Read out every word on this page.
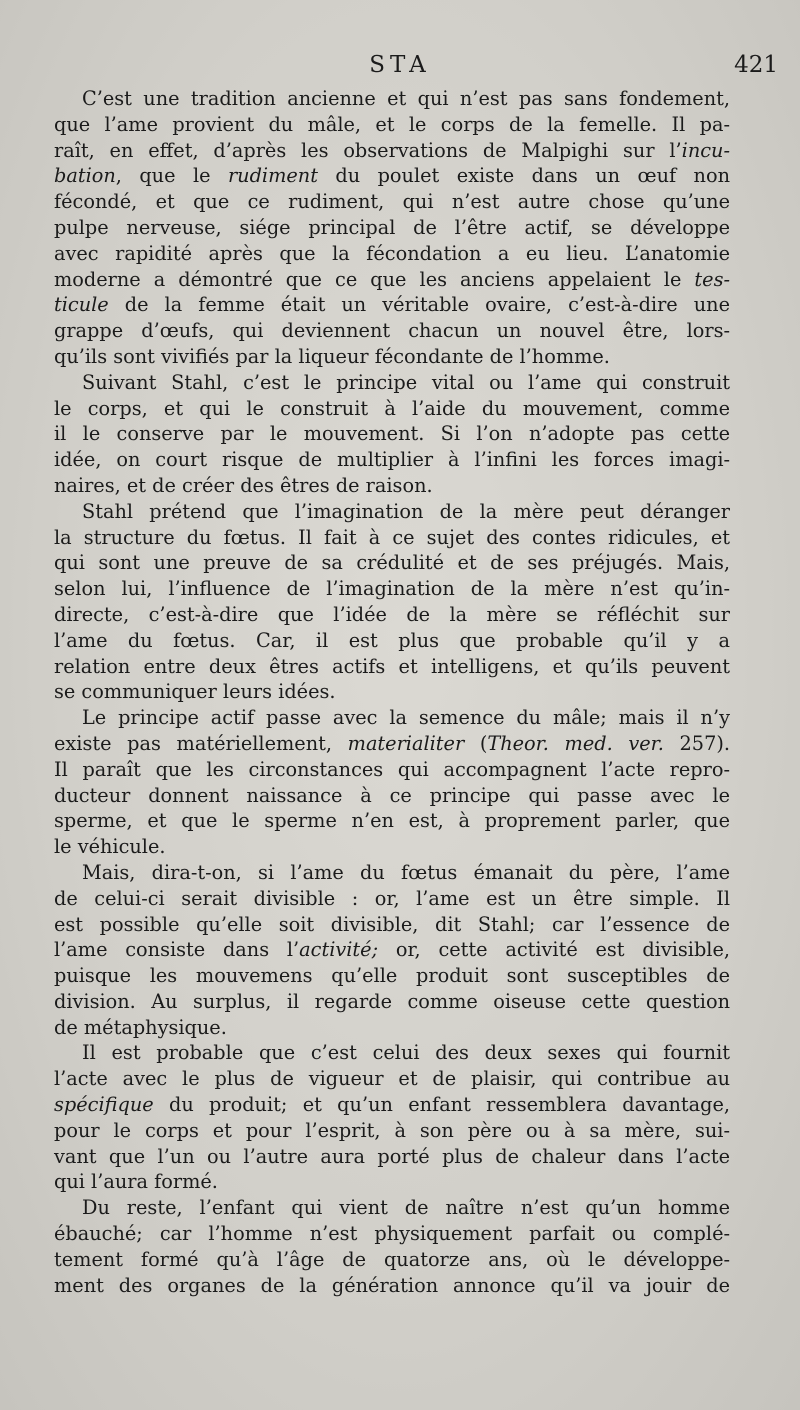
STA	421
C’est une tradition ancienne et qui n’est pas sans fondement,
que l’ame provient du mâle, et le corps de la femelle. Il pa-
raît, en effet, d’après les observations de Malpighi sur l’incu-
bation, que le rudiment du poulet existe dans un œuf non
fécondé, et que ce rudiment, qui n’est autre chose qu’une
pulpe nerveuse, siége principal de l’être actif, se développe
avec rapidité après que la fécondation a eu lieu. L’anatomie
moderne a démontré que ce que les anciens appelaient le tes-
ticule de la femme était un véritable ovaire, c’est-à-dire une
grappe d’œufs, qui deviennent chacun un nouvel être, lors-
qu’ils sont vivifiés par la liqueur fécondante de l’homme.
Suivant Stahl, c’est le principe vital ou l’ame qui construit
le corps, et qui le construit à l’aide du mouvement, comme
il le conserve par le mouvement. Si l’on n’adopte pas cette
idée, on court risque de multiplier à l’infini les forces imagi-
naires, et de créer des êtres de raison.
Stahl prétend que l’imagination de la mère peut déranger
la structure du fœtus. Il fait à ce sujet des contes ridicules, et
qui sont une preuve de sa crédulité et de ses préjugés. Mais,
selon lui, l’influence de l’imagination de la mère n’est qu’in-
directe, c’est-à-dire que l’idée de la mère se réfléchit sur
l’ame du fœtus. Car, il est plus que probable qu’il y a
relation entre deux êtres actifs et intelligens, et qu’ils peuvent
se communiquer leurs idées.
Le principe actif passe avec la semence du mâle; mais il n’y
existe pas matériellement, materialiter (Theor. med. ver. 257).
Il paraît que les circonstances qui accompagnent l’acte repro-
ducteur donnent naissance à ce principe qui passe avec le
sperme, et que le sperme n’en est, à proprement parler, que
le véhicule.
Mais, dira-t-on, si l’ame du fœtus émanait du père, l’ame
de celui-ci serait divisible : or, l’ame est un être simple. Il
est possible qu’elle soit divisible, dit Stahl; car l’essence de
l’ame consiste dans l’activité; or, cette activité est divisible,
puisque les mouvemens qu’elle produit sont susceptibles de
division. Au surplus, il regarde comme oiseuse cette question
de métaphysique.
Il est probable que c’est celui des deux sexes qui fournit
l’acte avec le plus de vigueur et de plaisir, qui contribue au
spécifique du produit; et qu’un enfant ressemblera davantage,
pour le corps et pour l’esprit, à son père ou à sa mère, sui-
vant que l’un ou l’autre aura porté plus de chaleur dans l’acte
qui l’aura formé.
Du reste, l’enfant qui vient de naître n’est qu’un homme
ébauché; car l’homme n’est physiquement parfait ou complé-
tement formé qu’à l’âge de quatorze ans, où le développe-
ment des organes de la génération annonce qu’il va jouir de
